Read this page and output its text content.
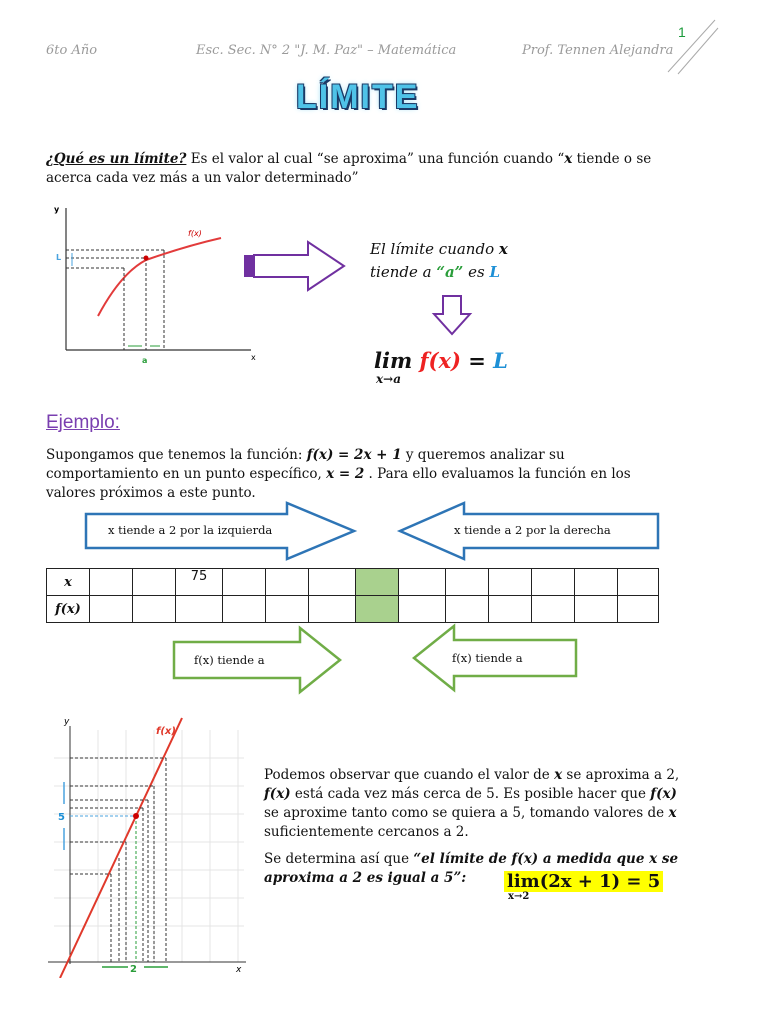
6to Año	Esc. Sec. N° 2 "J. M. Paz" – Matemática	Prof. Tennen Alejandra
1
LÍMITE
¿Qué es un límite? Es el valor al cual “se aproxima” una función cuando “x tiende o se
acerca cada vez más a un valor determinado”
y
x
f(x)
L
a
El límite cuando x
tiende a “a” es L
lim f(x) = L
x→a
Ejemplo:
Supongamos que tenemos la función: f(x) = 2x + 1 y queremos analizar su
comportamiento en un punto específico, x = 2 . Para ello evaluamos la función en los
valores próximos a este punto.
x tiende a 2 por la izquierda	x tiende a 2 por la derecha
x			75										
f(x)													
f(x) tiende a	f(x) tiende a
y
x
f(x)
5
2
Podemos observar que cuando el valor de x se aproxima a 2,
f(x) está cada vez más cerca de 5. Es posible hacer que f(x)
se aproxime tanto como se quiera a 5, tomando valores de x
suficientemente cercanos a 2.
Se determina así que “el límite de f(x) a medida que x se
aproxima a 2 es igual a 5”:	lim(2x + 1) = 5
x→2
